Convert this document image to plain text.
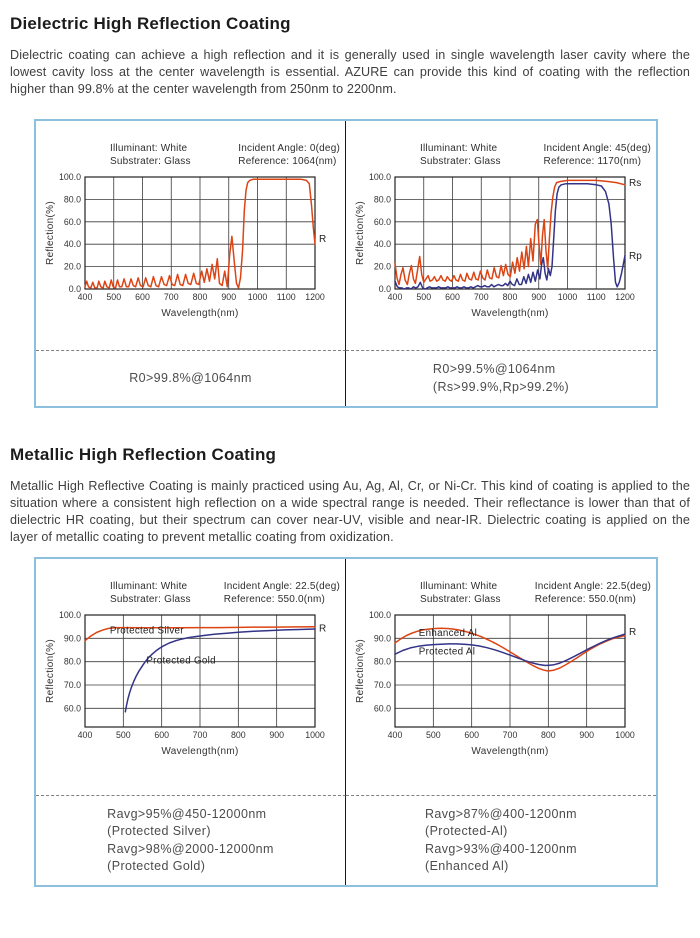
Dielectric High Reflection Coating

Dielectric coating can achieve a high reflection and it is generally used in single wavelength laser cavity where the lowest cavity loss at the center wavelength is essential. AZURE can provide this kind of coating with the reflection higher than 99.8% at the center wavelength from 250nm to 2200nm.

Illuminant: White
Substrater: Glass
Incident Angle: 0(deg)
Reference: 1064(nm)
400 500 600 700 800 900 1000 1100 1200
0.0
20.0
40.0
60.0
80.0
100.0
R
Wavelength(nm)
Reflection(%)
Illuminant: White
Substrater: Glass
Incident Angle: 45(deg)
Reference: 1170(nm)
400 500 600 700 800 900 1000 1100 1200
0.0
20.0
40.0
60.0
80.0
100.0
Rs
Rp
Wavelength(nm)
Reflection(%)
R0>99.8%@1064nm
R0>99.5%@1064nm
(Rs>99.9%,Rp>99.2%)
Metallic High Reflection Coating

Metallic High Reflective Coating is mainly practiced using Au, Ag, Al, Cr, or Ni-Cr. This kind of coating is applied to the situation where a consistent high reflection on a wide spectral range is needed. Their reflectance is lower than that of dielectric HR coating, but their spectrum can cover near-UV, visible and near-IR. Dielectric coating is applied on the layer of metallic coating to prevent metallic coating from oxidization.

Illuminant: White
Substrater: Glass
Incident Angle: 22.5(deg)
Reference: 550.0(nm)
400	500	600	700	800	900 1000
60.0
70.0
80.0
90.0
100.0
Protected Silver
Protected Gold
R
Wavelength(nm)
Reflection(%)
Illuminant: White
Substrater: Glass
Incident Angle: 22.5(deg)
Reference: 550.0(nm)
400	500	600	700	800	900 1000
60.0
70.0
80.0
90.0
100.0
Enhanced Al
Protected Al
R
Wavelength(nm)
Reflection(%)
Ravg>95%@450-12000nm
(Protected Silver)
Ravg>98%@2000-12000nm
(Protected Gold)
Ravg>87%@400-1200nm
(Protected-Al)
Ravg>93%@400-1200nm
(Enhanced Al)
